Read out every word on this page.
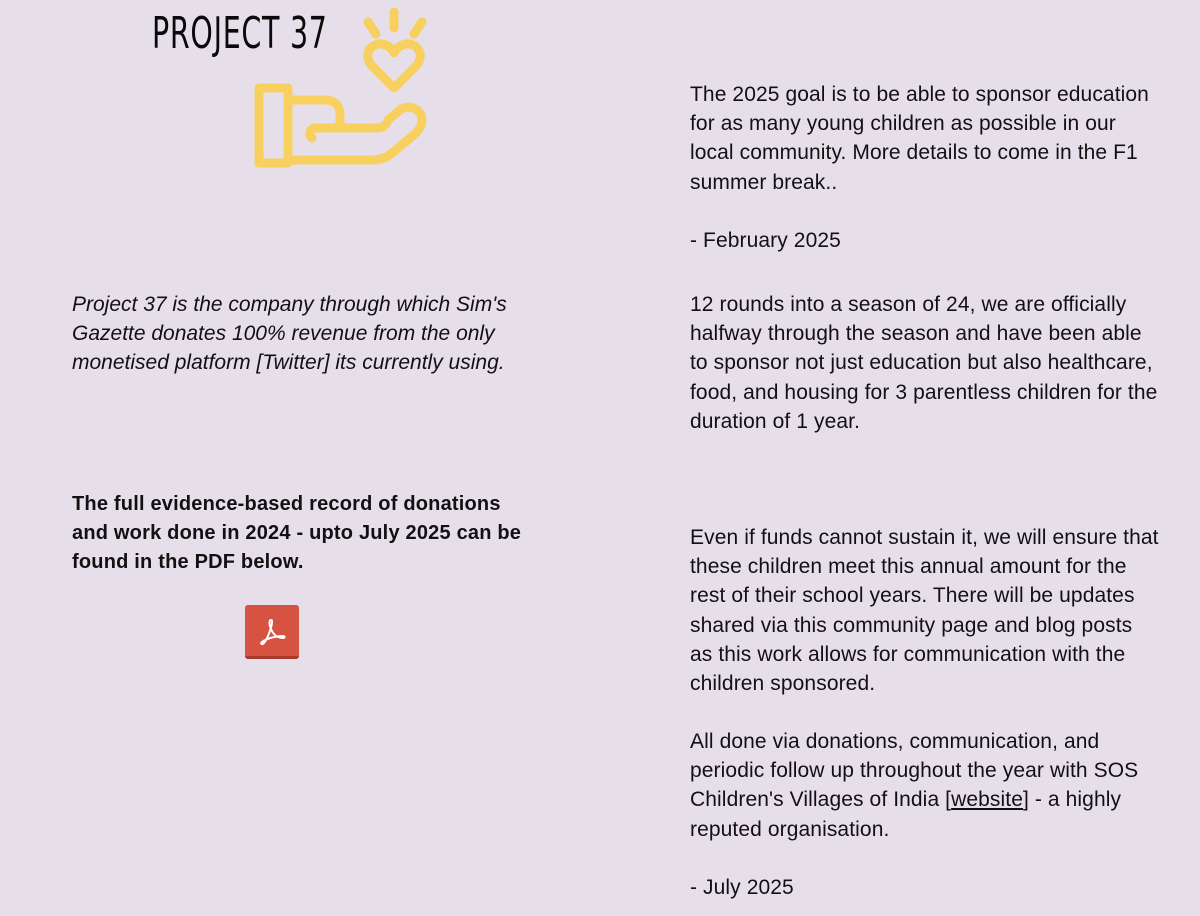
PROJECT 37

Project 37 is the company through which Sim's Gazette donates 100% revenue from the only monetised platform [Twitter] its currently using.

The full evidence-based record of donations and work done in 2024 - upto July 2025 can be found in the PDF below.

The 2025 goal is to be able to sponsor education for as many young children as possible in our local community. More details to come in the F1 summer break..

- February 2025

12 rounds into a season of 24, we are officially halfway through the season and have been able to sponsor not just education but also healthcare, food, and housing for 3 parentless children for the duration of 1 year.

Even if funds cannot sustain it, we will ensure that these children meet this annual amount for the rest of their school years. There will be updates shared via this community page and blog posts as this work allows for communication with the children sponsored.

All done via donations, communication, and periodic follow up throughout the year with SOS Children's Villages of India [website] - a highly reputed organisation.

- July 2025
